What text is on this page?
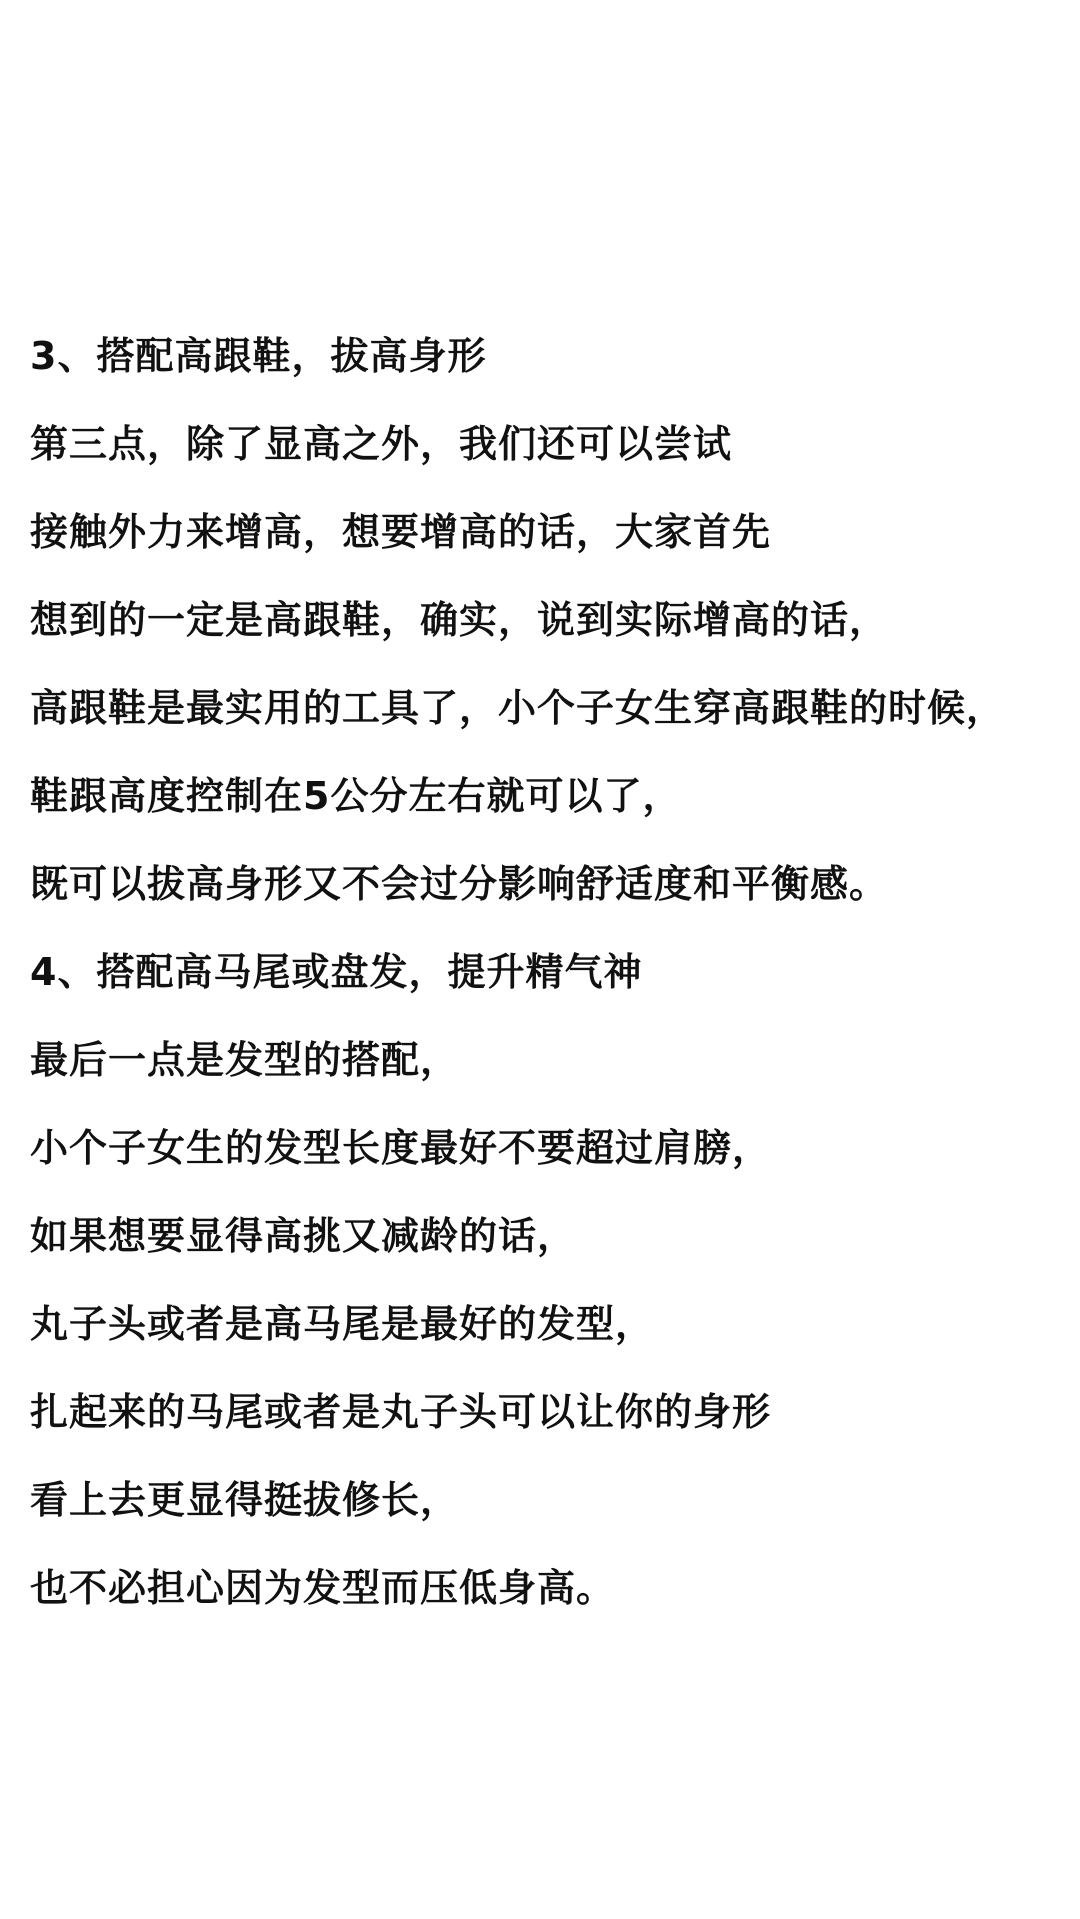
3、搭配高跟鞋，拔高身形
第三点，除了显高之外，我们还可以尝试
接触外力来增高，想要增高的话，大家首先
想到的一定是高跟鞋，确实，说到实际增高的话，
高跟鞋是最实用的工具了，小个子女生穿高跟鞋的时候，
鞋跟高度控制在5公分左右就可以了，
既可以拔高身形又不会过分影响舒适度和平衡感。
4、搭配高马尾或盘发，提升精气神
最后一点是发型的搭配，
小个子女生的发型长度最好不要超过肩膀，
如果想要显得高挑又减龄的话，
丸子头或者是高马尾是最好的发型，
扎起来的马尾或者是丸子头可以让你的身形
看上去更显得挺拔修长，
也不必担心因为发型而压低身高。
